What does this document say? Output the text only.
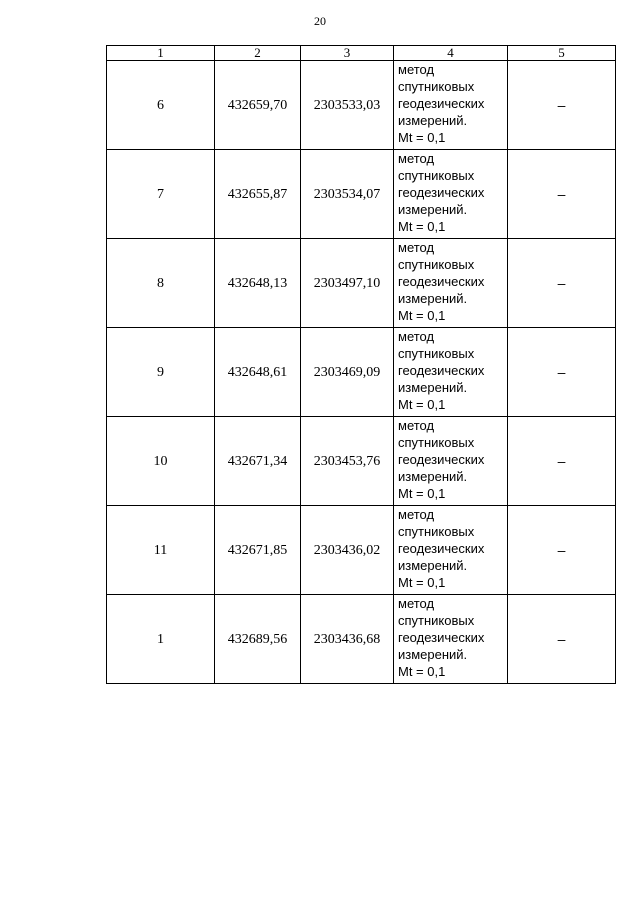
20
1	2	3	4	5
6	432659,70	2303533,03	метод
спутниковых
геодезических
измерений.
Mt = 0,1	–
7	432655,87	2303534,07	метод
спутниковых
геодезических
измерений.
Mt = 0,1	–
8	432648,13	2303497,10	метод
спутниковых
геодезических
измерений.
Mt = 0,1	–
9	432648,61	2303469,09	метод
спутниковых
геодезических
измерений.
Mt = 0,1	–
10	432671,34	2303453,76	метод
спутниковых
геодезических
измерений.
Mt = 0,1	–
11	432671,85	2303436,02	метод
спутниковых
геодезических
измерений.
Mt = 0,1	–
1	432689,56	2303436,68	метод
спутниковых
геодезических
измерений.
Mt = 0,1	–
